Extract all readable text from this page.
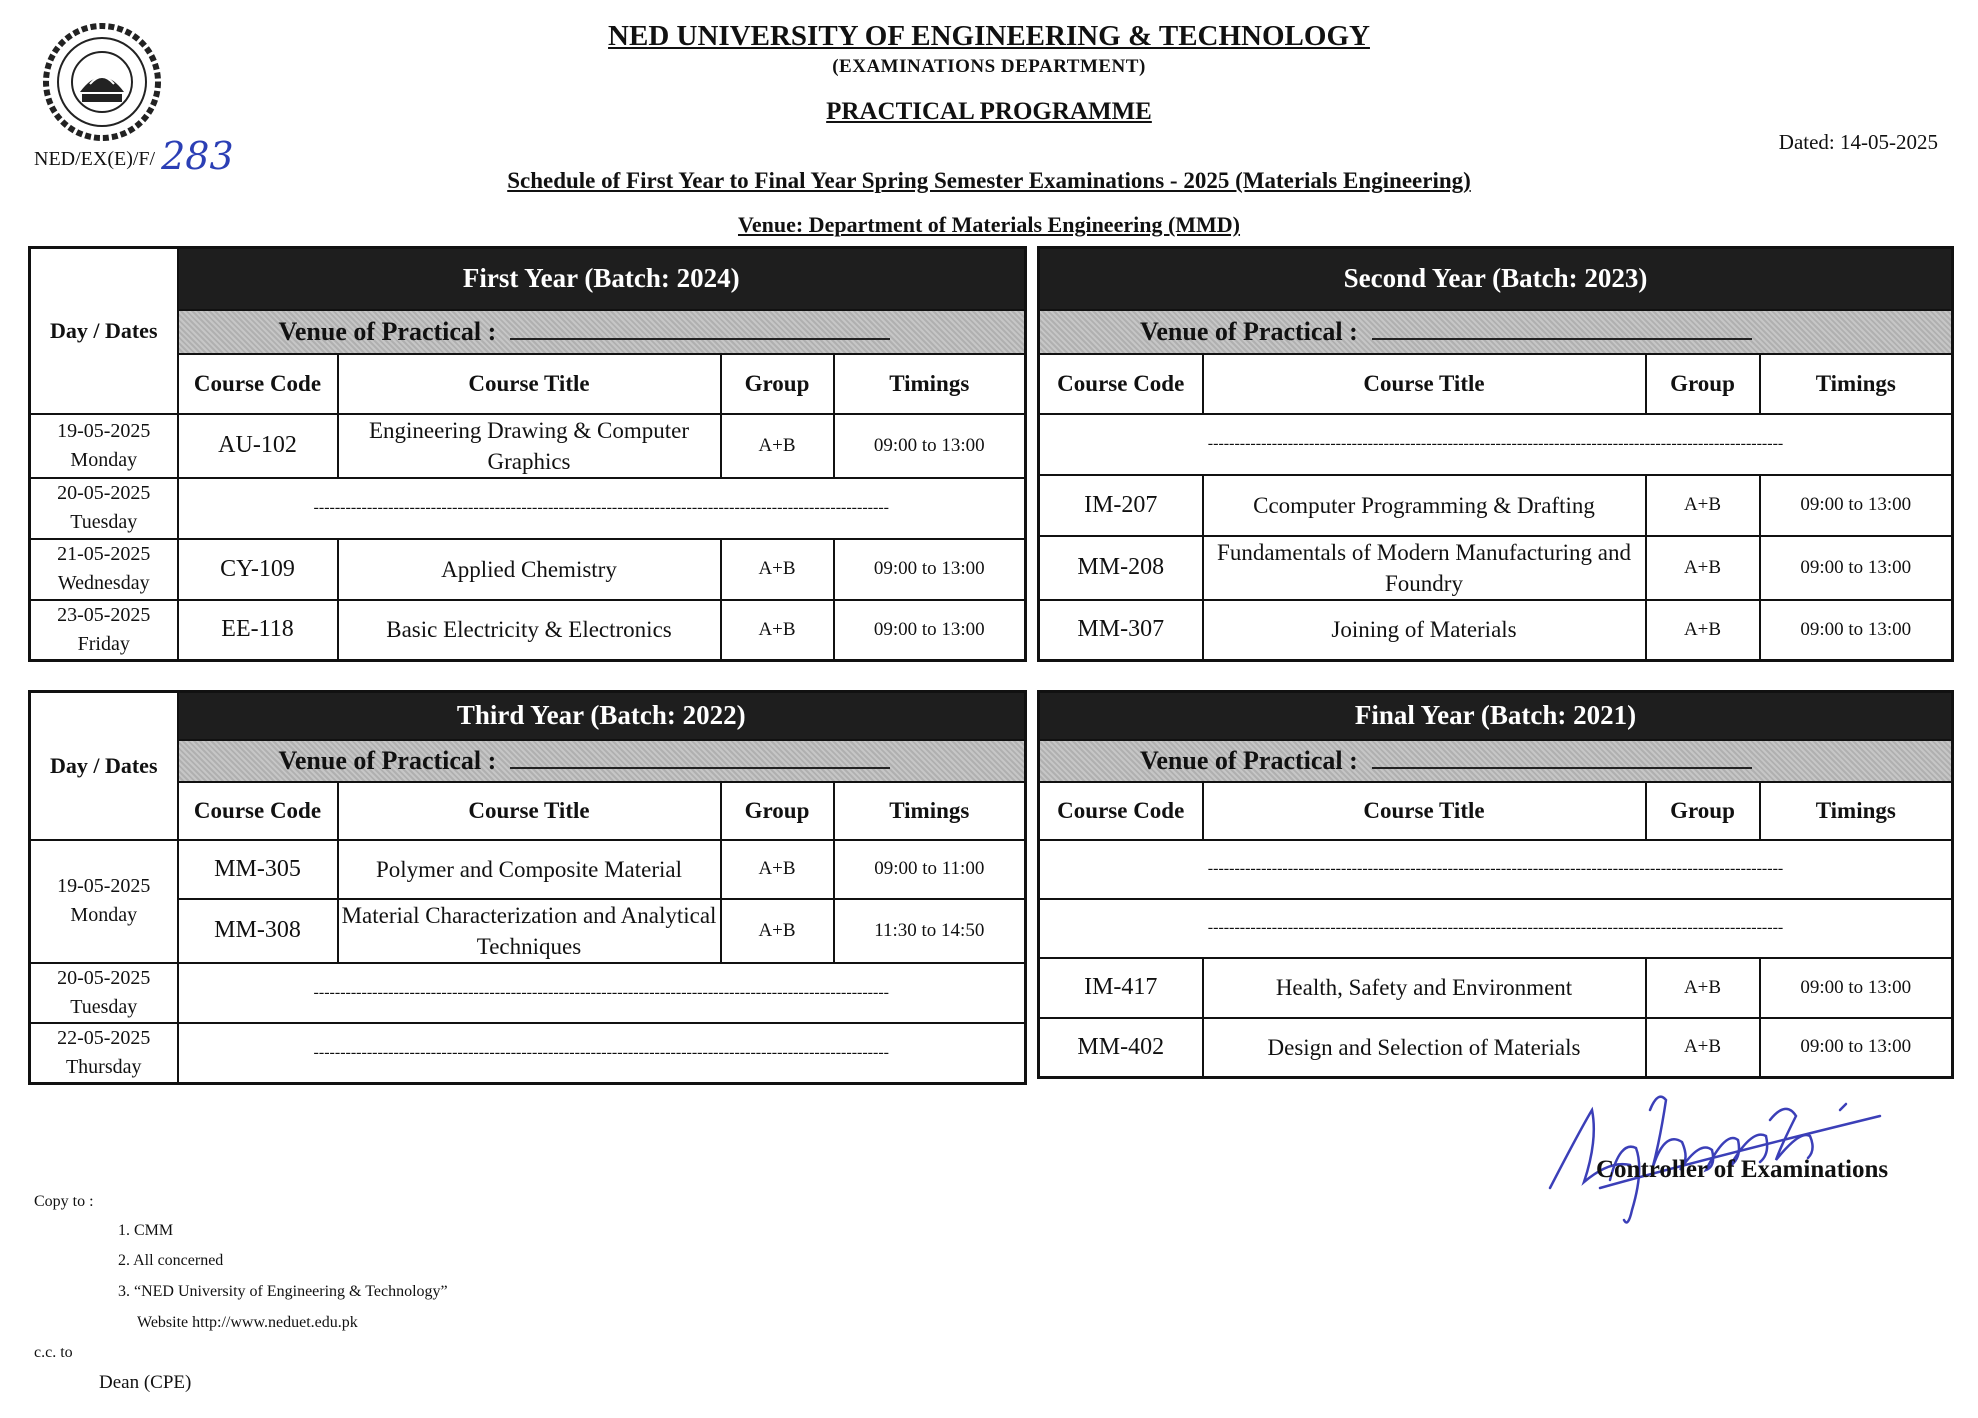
NED UNIVERSITY OF ENGINEERING & TECHNOLOGY
(EXAMINATIONS DEPARTMENT)
PRACTICAL PROGRAMME
NED/EX(E)/F/ 283	Dated: 14-05-2025
Schedule of First Year to Final Year Spring Semester Examinations - 2025 (Materials Engineering)
Venue: Department of Materials Engineering (MMD)
Day / Dates	First Year (Batch: 2024)			
	Venue of Practical :			
	Course Code	Course Title	Group	Timings

19-05-2025
Monday	AU-102	Engineering Drawing & Computer Graphics	A+B	09:00 to 13:00

20-05-2025
Tuesday	------------------------------------------------------------------------------------------------------------			

21-05-2025
Wednesday	CY-109	Applied Chemistry	A+B	09:00 to 13:00

23-05-2025
Friday	EE-118	Basic Electricity & Electronics	A+B	09:00 to 13:00
Second Year (Batch: 2023)			
Venue of Practical :			
Course Code	Course Title	Group	Timings
------------------------------------------------------------------------------------------------------------			
IM-207	Ccomputer Programming & Drafting	A+B	09:00 to 13:00
MM-208	Fundamentals of Modern Manufacturing and Foundry	A+B	09:00 to 13:00
MM-307	Joining of Materials	A+B	09:00 to 13:00
Day / Dates	Third Year (Batch: 2022)			
	Venue of Practical :			
	Course Code	Course Title	Group	Timings

19-05-2025
Monday	MM-305	Polymer and Composite Material	A+B	09:00 to 11:00
	MM-308	Material Characterization and Analytical Techniques	A+B	11:30 to 14:50

20-05-2025
Tuesday	------------------------------------------------------------------------------------------------------------			

22-05-2025
Thursday	------------------------------------------------------------------------------------------------------------			
Final Year (Batch: 2021)			
Venue of Practical :			
Course Code	Course Title	Group	Timings
------------------------------------------------------------------------------------------------------------			
------------------------------------------------------------------------------------------------------------			
IM-417	Health, Safety and Environment	A+B	09:00 to 13:00
MM-402	Design and Selection of Materials	A+B	09:00 to 13:00
Controller of Examinations
Copy to :
1. CMM
2. All concerned
3. “NED University of Engineering & Technology”
Website http://www.neduet.edu.pk
c.c. to
Dean (CPE)
